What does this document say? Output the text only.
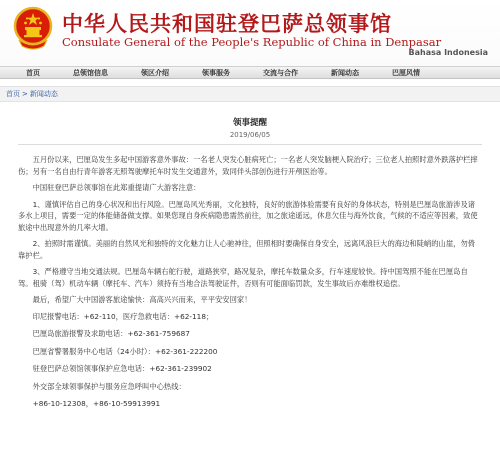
中华人民共和国驻登巴萨总领事馆
Consulate General of the People's Republic of China in Denpasar
Bahasa Indonesia
首页	总领馆信息	领区介绍	领事服务	交流与合作	新闻动态	巴厘风情
首页 > 新闻动态
领事提醒
2019/06/05

五月份以来，巴厘岛发生多起中国游客意外事故：一名老人突发心脏病死亡；一名老人突发脑梗入院治疗；三位老人拍照时意外跌落护栏摔伤；另有一名自由行青年游客无照驾驶摩托车时发生交通意外，致同伴头部创伤进行开颅医治等。

中国驻登巴萨总领事馆在此郑重提请广大游客注意：

1、谨慎评估自己的身心状况和出行风险。巴厘岛风光秀丽，文化独特，良好的旅游体验需要有良好的身体状态，特别是巴厘岛旅游涉及诸多水上项目，需要一定的体能储备做支撑。如果您现自身疾病隐患需然前往，加之旅途遥远，休息欠佳与海外饮食，气候的不适应等因素，致使旅途中出现意外的几率大增。

2、拍照时需谨慎。美丽的自然风光和独特的文化魅力让人心驰神往，但照相时要确保自身安全，远离风浪巨大的海边和陡峭的山崖，勿倚靠护栏。

3、严格遵守当地交通法规。巴厘岛车辆右舵行驶，道路狭窄，路况复杂，摩托车数量众多，行车速度较快。持中国驾照不能在巴厘岛自驾。租骑（驾）机动车辆（摩托车、汽车）须持有当地合法驾驶证件，否则有可能面临罚款，发生事故后亦难维权追偿。

最后，希望广大中国游客旅途愉快：高高兴兴而来，平平安安回家！

印尼报警电话：+62-110，医疗急救电话：+62-118；

巴厘岛旅游报警及求助电话：+62-361-759687

巴厘省警署服务中心电话（24小时）：+62-361-222200

驻登巴萨总领馆领事保护应急电话：+62-361-239902

外交部全球领事保护与服务应急呼叫中心热线：

+86-10-12308，+86-10-59913991
